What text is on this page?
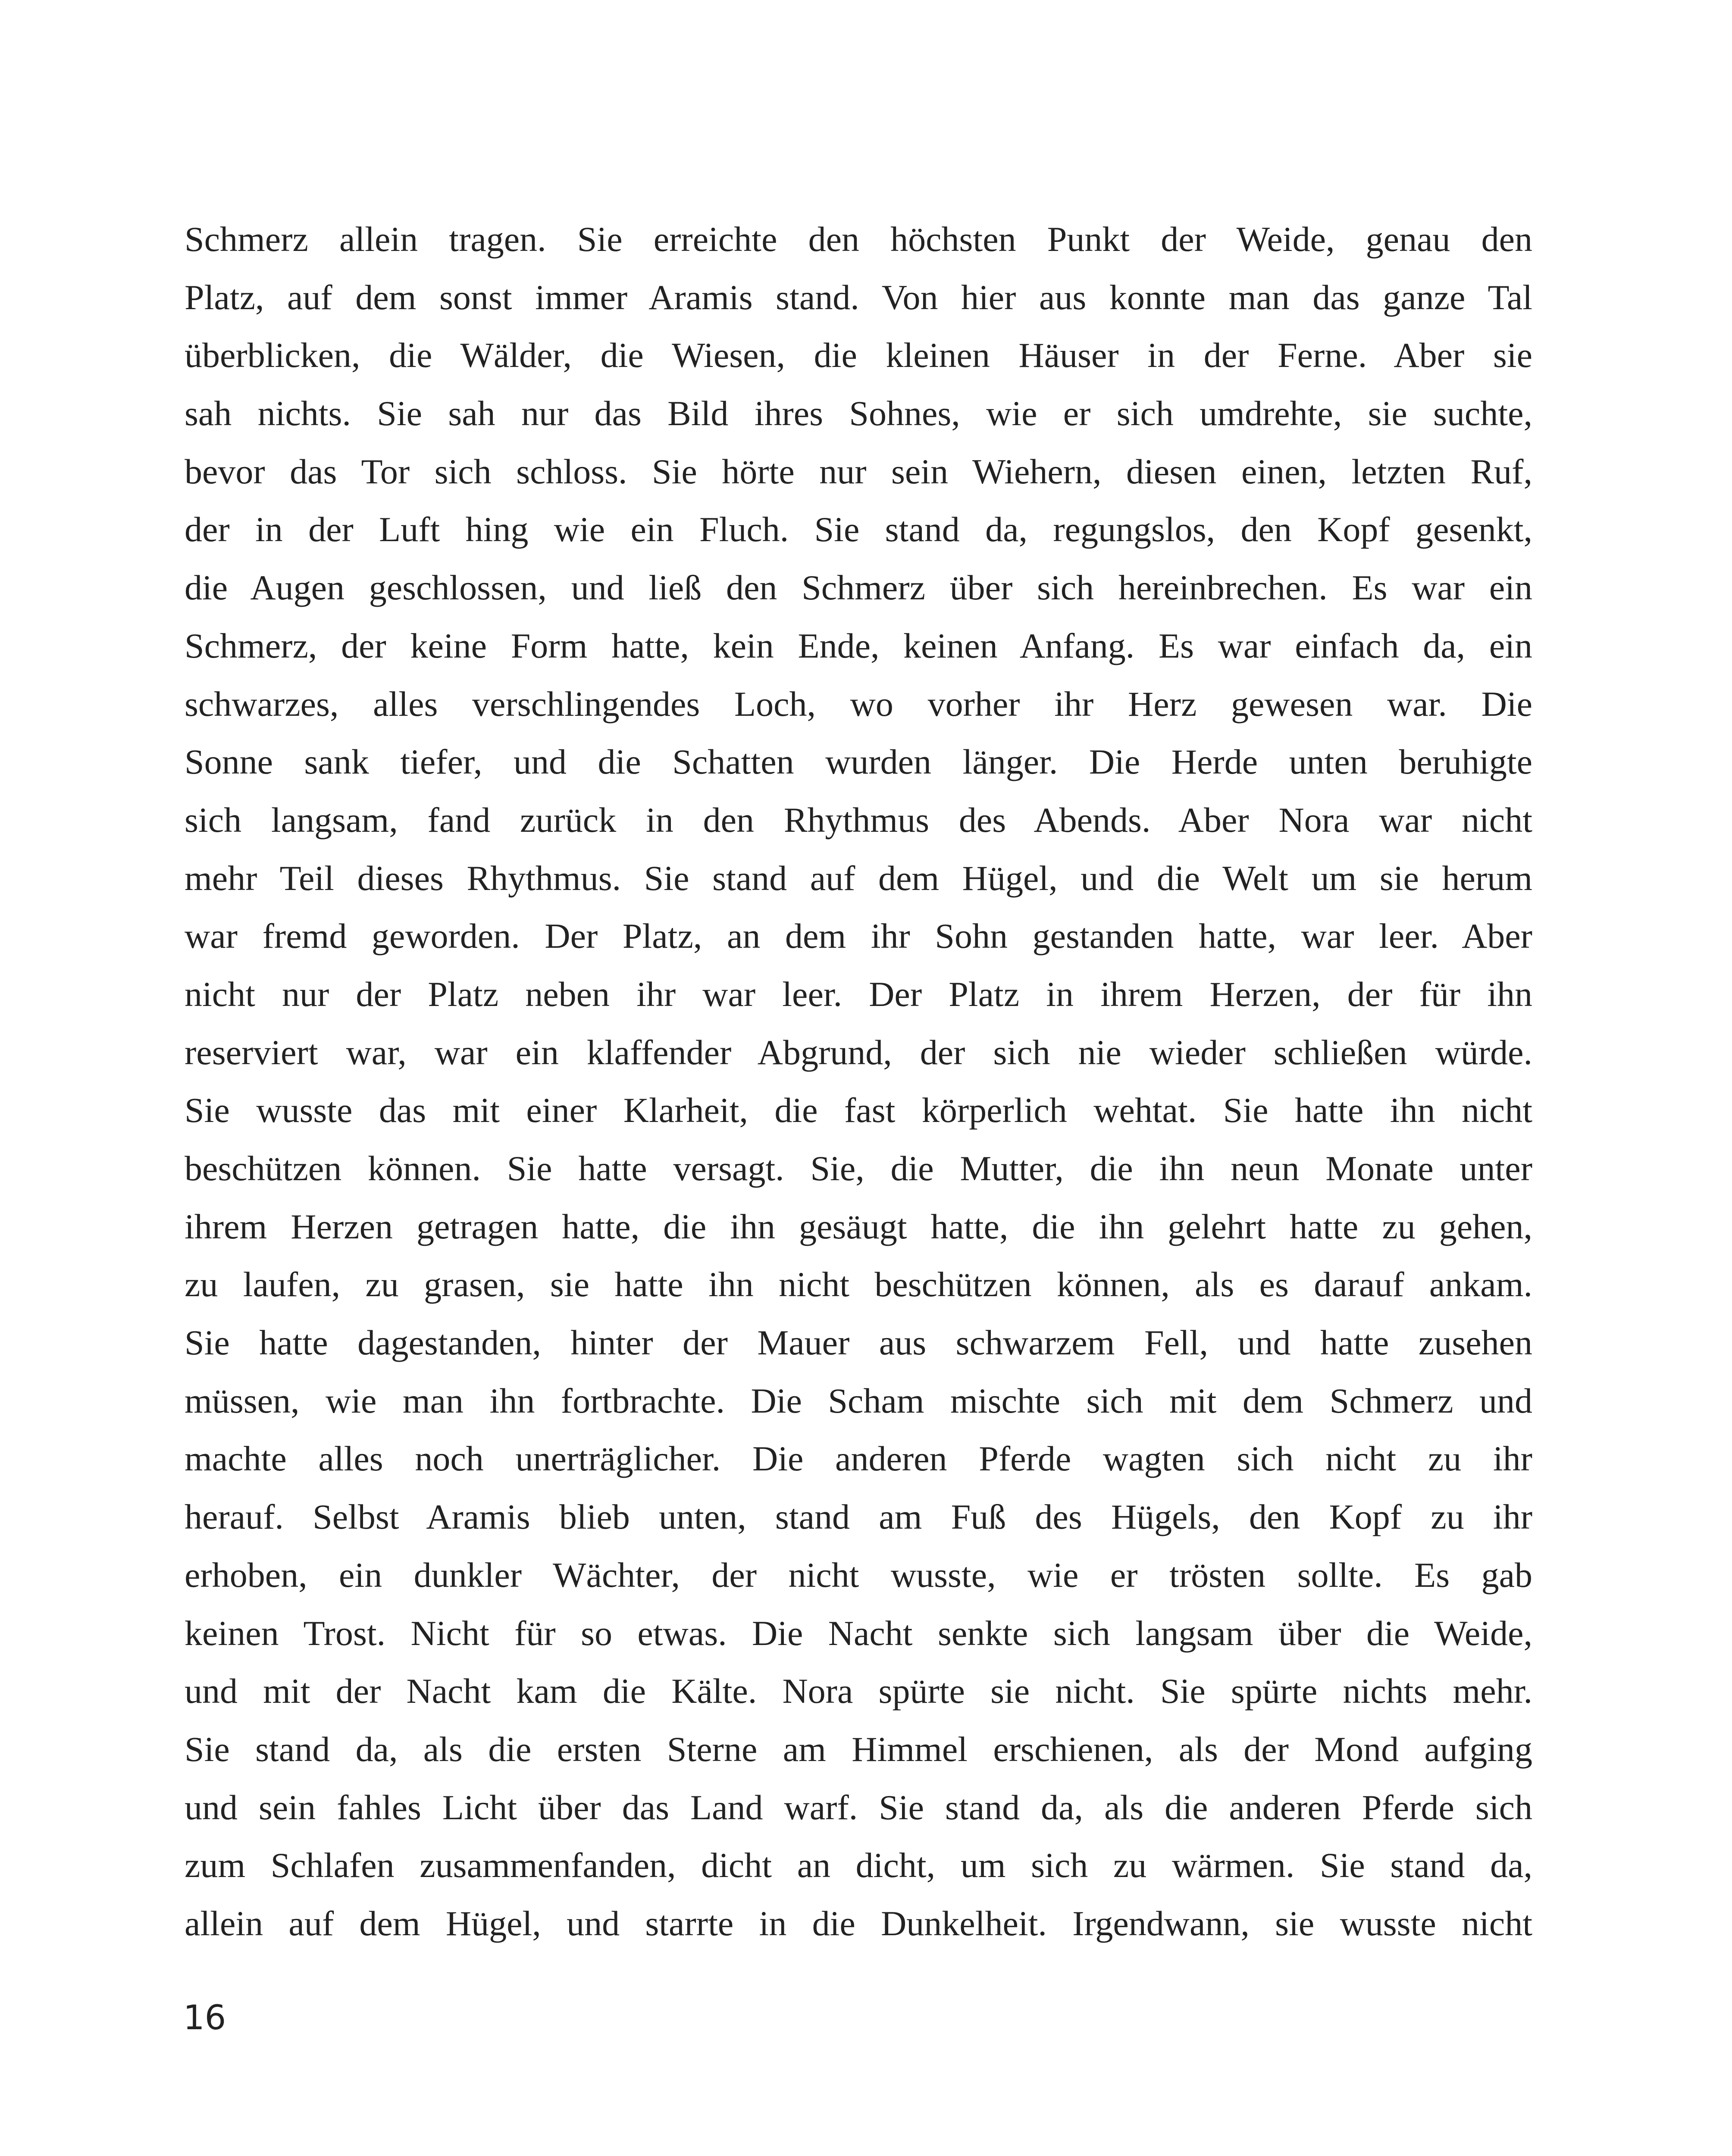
Schmerz allein tragen. Sie erreichte den höchsten Punkt der Weide, genau den
Platz, auf dem sonst immer Aramis stand. Von hier aus konnte man das ganze Tal
überblicken, die Wälder, die Wiesen, die kleinen Häuser in der Ferne. Aber sie
sah nichts. Sie sah nur das Bild ihres Sohnes, wie er sich umdrehte, sie suchte,
bevor das Tor sich schloss. Sie hörte nur sein Wiehern, diesen einen, letzten Ruf,
der in der Luft hing wie ein Fluch. Sie stand da, regungslos, den Kopf gesenkt,
die Augen geschlossen, und ließ den Schmerz über sich hereinbrechen. Es war ein
Schmerz, der keine Form hatte, kein Ende, keinen Anfang. Es war einfach da, ein
schwarzes, alles verschlingendes Loch, wo vorher ihr Herz gewesen war. Die
Sonne sank tiefer, und die Schatten wurden länger. Die Herde unten beruhigte
sich langsam, fand zurück in den Rhythmus des Abends. Aber Nora war nicht
mehr Teil dieses Rhythmus. Sie stand auf dem Hügel, und die Welt um sie herum
war fremd geworden. Der Platz, an dem ihr Sohn gestanden hatte, war leer. Aber
nicht nur der Platz neben ihr war leer. Der Platz in ihrem Herzen, der für ihn
reserviert war, war ein klaffender Abgrund, der sich nie wieder schließen würde.
Sie wusste das mit einer Klarheit, die fast körperlich wehtat. Sie hatte ihn nicht
beschützen können. Sie hatte versagt. Sie, die Mutter, die ihn neun Monate unter
ihrem Herzen getragen hatte, die ihn gesäugt hatte, die ihn gelehrt hatte zu gehen,
zu laufen, zu grasen, sie hatte ihn nicht beschützen können, als es darauf ankam.
Sie hatte dagestanden, hinter der Mauer aus schwarzem Fell, und hatte zusehen
müssen, wie man ihn fortbrachte. Die Scham mischte sich mit dem Schmerz und
machte alles noch unerträglicher. Die anderen Pferde wagten sich nicht zu ihr
herauf. Selbst Aramis blieb unten, stand am Fuß des Hügels, den Kopf zu ihr
erhoben, ein dunkler Wächter, der nicht wusste, wie er trösten sollte. Es gab
keinen Trost. Nicht für so etwas. Die Nacht senkte sich langsam über die Weide,
und mit der Nacht kam die Kälte. Nora spürte sie nicht. Sie spürte nichts mehr.
Sie stand da, als die ersten Sterne am Himmel erschienen, als der Mond aufging
und sein fahles Licht über das Land warf. Sie stand da, als die anderen Pferde sich
zum Schlafen zusammenfanden, dicht an dicht, um sich zu wärmen. Sie stand da,
allein auf dem Hügel, und starrte in die Dunkelheit. Irgendwann, sie wusste nicht
16
